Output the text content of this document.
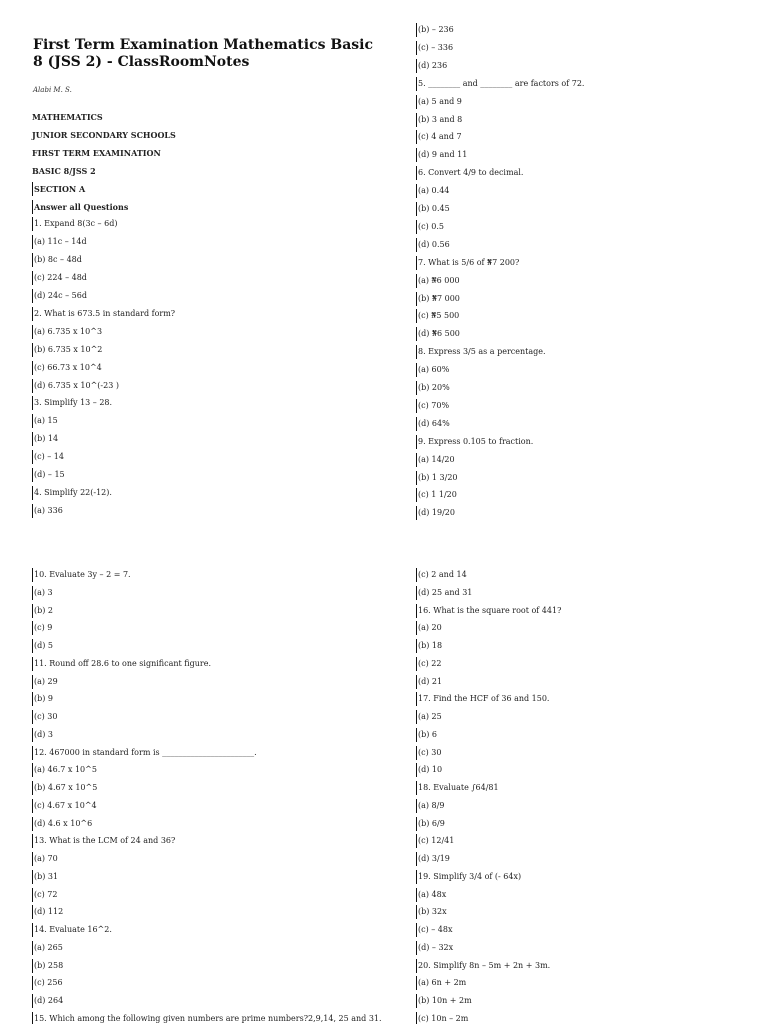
First Term Examination Mathematics Basic 8 (JSS 2) - ClassRoomNotes

Alabi M. S.

MATHEMATICS
JUNIOR SECONDARY SCHOOLS
FIRST TERM EXAMINATION
BASIC 8/JSS 2
SECTION A
Answer all Questions
1. Expand 8(3c – 6d)
(a) 11c – 14d
(b) 8c – 48d
(c) 224 – 48d
(d) 24c – 56d
2. What is 673.5 in standard form?
(a) 6.735 x 10^3
(b) 6.735 x 10^2
(c) 66.73 x 10^4
(d) 6.735 x 10^(-23 )
3. Simplify 13 – 28.
(a) 15
(b) 14
(c) – 14
(d) – 15
4. Simplify 22(-12).
(a) 336
(b) – 236
(c) – 336
(d) 236
5. ________ and ________ are factors of 72.
(a) 5 and 9
(b) 3 and 8
(c) 4 and 7
(d) 9 and 11
6. Convert 4/9 to decimal.
(a) 0.44
(b) 0.45
(c) 0.5
(d) 0.56
7. What is 5/6 of ₦7 200?
(a) ₦6 000
(b) ₦7 000
(c) ₦5 500
(d) ₦6 500
8. Express 3/5 as a percentage.
(a) 60%
(b) 20%
(c) 70%
(d) 64%
9. Express 0.105 to fraction.
(a) 14/20
(b) 1 3/20
(c) 1 1/20
(d) 19/20
10. Evaluate 3y – 2 = 7.
(a) 3
(b) 2
(c) 9
(d) 5
11. Round off 28.6 to one significant figure.
(a) 29
(b) 9
(c) 30
(d) 3
12. 467000 in standard form is _______________________.
(a) 46.7 x 10^5
(b) 4.67 x 10^5
(c) 4.67 x 10^4
(d) 4.6 x 10^6
13. What is the LCM of 24 and 36?
(a) 70
(b) 31
(c) 72
(d) 112
14. Evaluate 16^2.
(a) 265
(b) 258
(c) 256
(d) 264
15. Which among the following given numbers are prime numbers?2,9,14, 25 and 31.
(c) 2 and 14
(d) 25 and 31
16. What is the square root of 441?
(a) 20
(b) 18
(c) 22
(d) 21
17. Find the HCF of 36 and 150.
(a) 25
(b) 6
(c) 30
(d) 10
18. Evaluate ∫64/81
(a) 8/9
(b) 6/9
(c) 12/41
(d) 3/19
19. Simplify 3/4 of (- 64x)
(a) 48x
(b) 32x
(c) – 48x
(d) – 32x
20. Simplify 8n – 5m + 2n + 3m.
(a) 6n + 2m
(b) 10n + 2m
(c) 10n – 2m
